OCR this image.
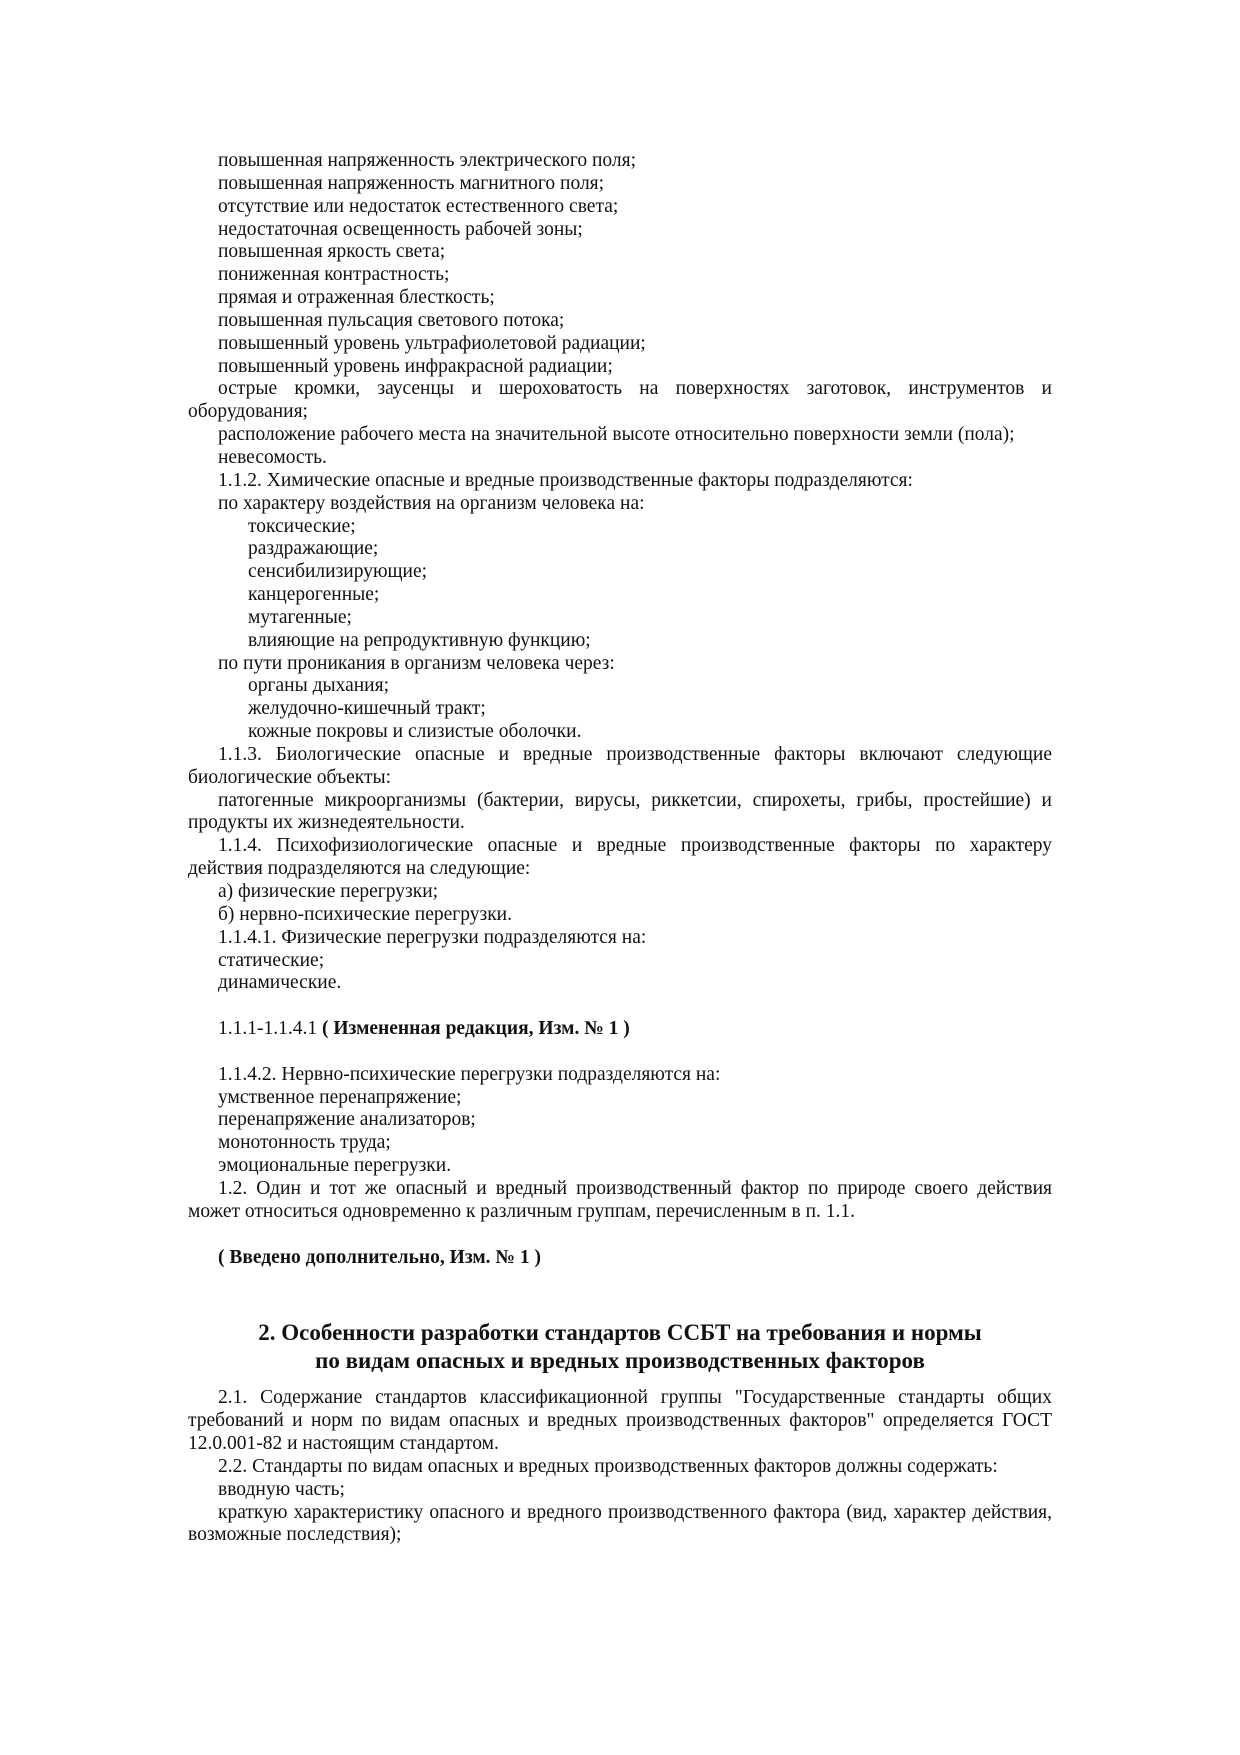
повышенная напряженность электрического поля;

повышенная напряженность магнитного поля;

отсутствие или недостаток естественного света;

недостаточная освещенность рабочей зоны;

повышенная яркость света;

пониженная контрастность;

прямая и отраженная блесткость;

повышенная пульсация светового потока;

повышенный уровень ультрафиолетовой радиации;

повышенный уровень инфракрасной радиации;

острые кромки, заусенцы и шероховатость на поверхностях заготовок, инструментов и оборудования;

расположение рабочего места на значительной высоте относительно поверхности земли (пола);

невесомость.

1.1.2. Химические опасные и вредные производственные факторы подразделяются:

по характеру воздействия на организм человека на:

токсические;

раздражающие;

сенсибилизирующие;

канцерогенные;

мутагенные;

влияющие на репродуктивную функцию;

по пути проникания в организм человека через:

органы дыхания;

желудочно-кишечный тракт;

кожные покровы и слизистые оболочки.

1.1.3. Биологические опасные и вредные производственные факторы включают следующие биологические объекты:

патогенные микроорганизмы (бактерии, вирусы, риккетсии, спирохеты, грибы, простейшие) и продукты их жизнедеятельности.

1.1.4. Психофизиологические опасные и вредные производственные факторы по характеру действия подразделяются на следующие:

а) физические перегрузки;

б) нервно-психические перегрузки.

1.1.4.1. Физические перегрузки подразделяются на:

статические;

динамические.

1.1.1-1.1.4.1 ( Измененная редакция, Изм. № 1 )

1.1.4.2. Нервно-психические перегрузки подразделяются на:

умственное перенапряжение;

перенапряжение анализаторов;

монотонность труда;

эмоциональные перегрузки.

1.2. Один и тот же опасный и вредный производственный фактор по природе своего действия может относиться одновременно к различным группам, перечисленным в п. 1.1.

( Введено дополнительно, Изм. № 1 )

2. Особенности разработки стандартов ССБТ на требования и нормы

по видам опасных и вредных производственных факторов

2.1. Содержание стандартов классификационной группы "Государственные стандарты общих требований и норм по видам опасных и вредных производственных факторов" определяется ГОСТ 12.0.001-82 и настоящим стандартом.

2.2. Стандарты по видам опасных и вредных производственных факторов должны содержать:

вводную часть;

краткую характеристику опасного и вредного производственного фактора (вид, характер действия, возможные последствия);
